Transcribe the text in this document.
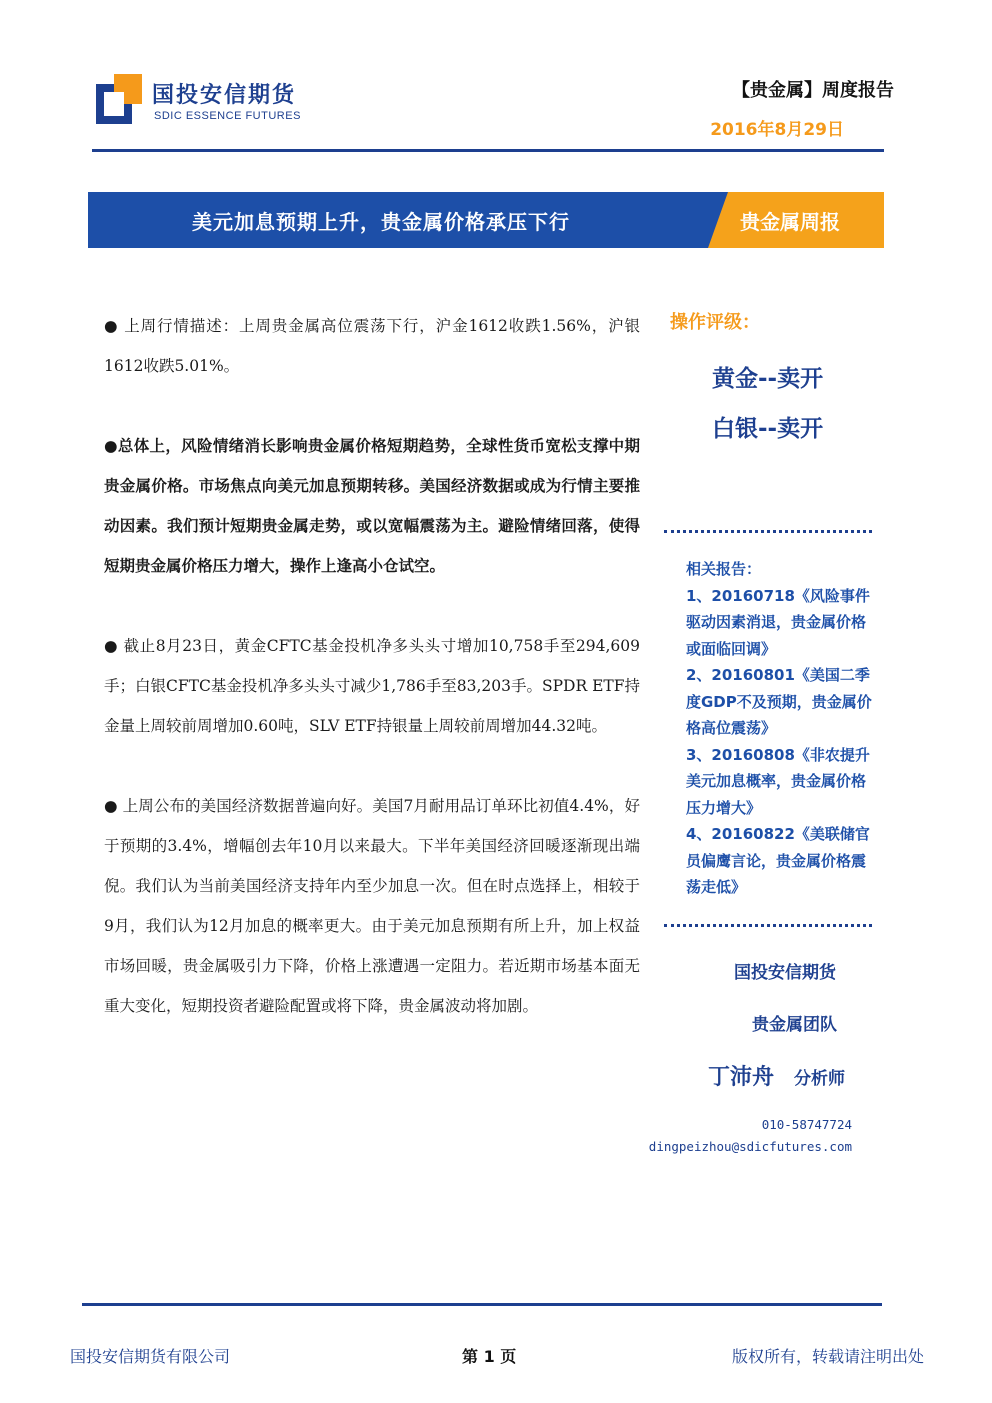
国投安信期货
SDIC ESSENCE FUTURES
【贵金属】周度报告
2016年8月29日
美元加息预期上升，贵金属价格承压下行	贵金属周报

● 上周行情描述：上周贵金属高位震荡下行，沪金1612收跌1.56%，沪银1612收跌5.01%。

●总体上，风险情绪消长影响贵金属价格短期趋势，全球性货币宽松支撑中期贵金属价格。市场焦点向美元加息预期转移。美国经济数据或成为行情主要推动因素。我们预计短期贵金属走势，或以宽幅震荡为主。避险情绪回落，使得短期贵金属价格压力增大，操作上逢高小仓试空。

● 截止8月23日，黄金CFTC基金投机净多头头寸增加10,758手至294,609手；白银CFTC基金投机净多头头寸减少1,786手至83,203手。SPDR ETF持金量上周较前周增加0.60吨，SLV ETF持银量上周较前周增加44.32吨。

● 上周公布的美国经济数据普遍向好。美国7月耐用品订单环比初值4.4%，好于预期的3.4%，增幅创去年10月以来最大。下半年美国经济回暖逐渐现出端倪。我们认为当前美国经济支持年内至少加息一次。但在时点选择上，相较于9月，我们认为12月加息的概率更大。由于美元加息预期有所上升，加上权益市场回暖，贵金属吸引力下降，价格上涨遭遇一定阻力。若近期市场基本面无重大变化，短期投资者避险配置或将下降，贵金属波动将加剧。

操作评级：
黄金--卖开
白银--卖开
相关报告：
1、20160718《风险事件驱动因素消退，贵金属价格或面临回调》
2、20160801《美国二季度GDP不及预期，贵金属价格高位震荡》
3、20160808《非农提升美元加息概率，贵金属价格压力增大》
4、20160822《美联储官员偏鹰言论，贵金属价格震荡走低》
国投安信期货
贵金属团队
丁沛舟 分析师
010-58747724
dingpeizhou@sdicfutures.com
国投安信期货有限公司	第 1 页	版权所有，转载请注明出处
